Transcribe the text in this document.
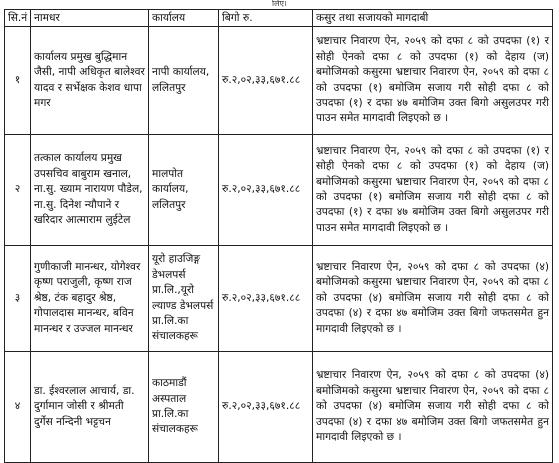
लिए।
सि.नं	नामधर	कार्यालय	बिगो रु.	कसुर तथा सजायको मागदाबी
१	कार्यालय प्रमुख बुद्धिमान जैसी, नापी अधिकृत बालेश्वर यादव र सर्भेक्षक केशव धापा मगर	नापी कार्यालय, ललितपुर	रु.२,०२,३३,६७१.८८	भ्रष्टाचार निवारण ऐन, २०५९ को दफा ८ को उपदफा (१) र सोही ऐनको दफा ८ को उपदफा (१) को देहाय (ज) बमोजिमको कसुरमा भ्रष्टाचार निवारण ऐन, २०५९ को दफा ८ को उपदफा (१) बमोजिम सजाय गरी सोही दफा ८ को उपदफा (१) र दफा ४७ बमोजिम उक्त बिगो असुलउपर गरी पाउन समेत मागदावी लिइएको छ ।
२	तत्काल कार्यालय प्रमुख उपसचिव बाबुराम खनाल, ना.सु. ख्याम नारायण पौडेल, ना.सु. दिनेश न्यौपाने र खरिदार आत्माराम लुईटेल	मालपोत कार्यालय, ललितपुर	रु.२,०२,३३,६७१.८८	भ्रष्टाचार निवारण ऐन, २०५९ को दफा ८ को उपदफा (१) र सोही ऐनको दफा ८ को उपदफा (१) को देहाय (ज) बमोजिमको कसुरमा भ्रष्टाचार निवारण ऐन, २०५९ को दफा ८ को उपदफा (१) बमोजिम सजाय गरी सोही दफा ८ को उपदफा (१) र दफा ४७ बमोजिम उक्त बिगो असुलउपर गरी पाउन समेत मागदावी लिइएको छ ।
३	गुणीकाजी मानन्धर, योगेश्वर कृष्ण पराजुली, कृष्ण राज श्रेष्ठ, टंक बहादुर श्रेष्ठ, गोपालदास मानन्धर, बविन मानन्धर र उज्जल मानन्धर	यूरो हाउजिङ्ग डेभलपर्स प्रा.लि.,यूरो ल्याण्ड डेभलपर्स प्रा.लि.का संचालकहरू	रु.२,०२,३३,६७१.८८	भ्रष्टाचार निवारण ऐन, २०५९ को दफा ८ को उपदफा (४) बमोजिमको कसुरमा भ्रष्टाचार निवारण ऐन, २०५९ को दफा ८ को उपदफा (४) बमोजिम सजाय गरी सोही दफा ८ को उपदफा (४) र दफा ४७ बमोजिम उक्त बिगो जफतसमेत हुन मागदावी लिइएको छ ।
४	डा. ईश्वरलाल आचार्य, डा. दुर्गामान जोसी र श्रीमती दुर्गेस नन्दिनी भट्टचन	काठमाडौं अस्पताल प्रा.लि.का संचालकहरू	रु.२,०२,३३,६७१.८८	भ्रष्टाचार निवारण ऐन, २०५९ को दफा ८ को उपदफा (४) बमोजिमको कसुरमा भ्रष्टाचार निवारण ऐन, २०५९ को दफा ८ को उपदफा (४) बमोजिम सजाय गरी सोही दफा ८ को उपदफा (४) र दफा ४७ बमोजिम उक्त बिगो जफतसमेत हुन मागदावी लिइएको छ ।
